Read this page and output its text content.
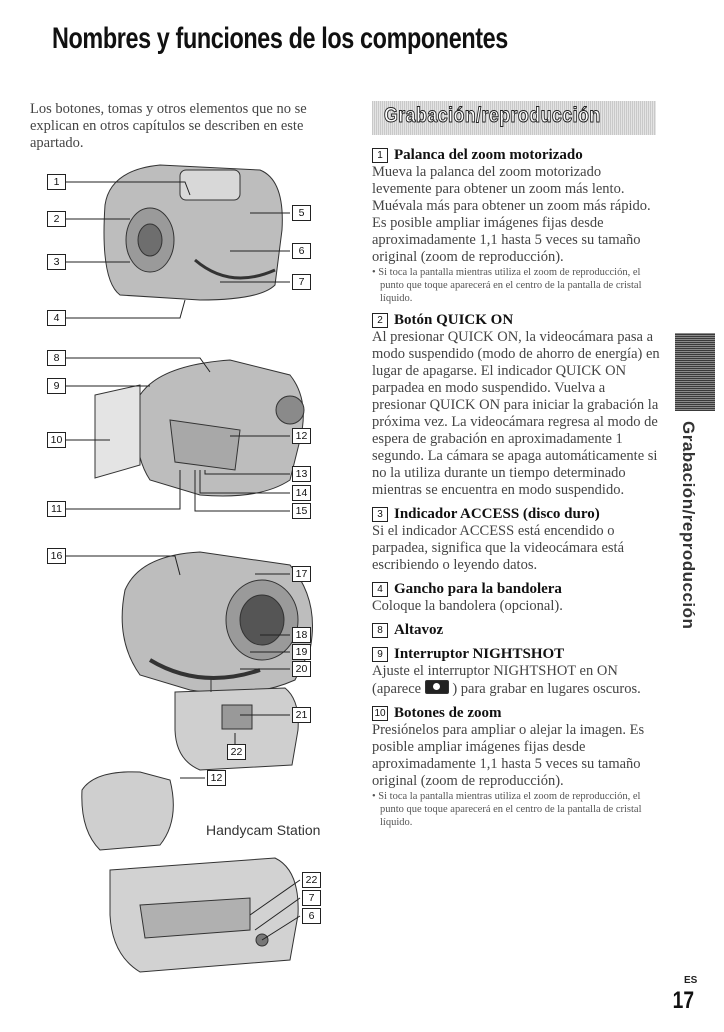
Nombres y funciones de los componentes
Los botones, tomas y otros elementos que no se explican en otros capítulos se describen en este apartado.
1
2
3
4
5
6
7
8
9
10
11
12
13
14
15
16
17
18
19
20
21
22
12
22
7
6
Handycam Station
Grabación/reproducción
1 Palanca del zoom motorizado

Mueva la palanca del zoom motorizado levemente para obtener un zoom más lento. Muévala más para obtener un zoom más rápido.

Es posible ampliar imágenes fijas desde aproximadamente 1,1 hasta 5 veces su tamaño original (zoom de reproducción).

• Si toca la pantalla mientras utiliza el zoom de reproducción, el punto que toque aparecerá en el centro de la pantalla de cristal líquido.

2 Botón QUICK ON

Al presionar QUICK ON, la videocámara pasa a modo suspendido (modo de ahorro de energía) en lugar de apagarse. El indicador QUICK ON parpadea en modo suspendido. Vuelva a presionar QUICK ON para iniciar la grabación la próxima vez. La videocámara regresa al modo de espera de grabación en aproximadamente 1 segundo. La cámara se apaga automáticamente si no la utiliza durante un tiempo determinado mientras se encuentra en modo suspendido.

3 Indicador ACCESS (disco duro)

Si el indicador ACCESS está encendido o parpadea, significa que la videocámara está escribiendo o leyendo datos.

4 Gancho para la bandolera

Coloque la bandolera (opcional).

8 Altavoz
9 Interruptor NIGHTSHOT

Ajuste el interruptor NIGHTSHOT en ON (aparece ) para grabar en lugares oscuros.

10 Botones de zoom

Presiónelos para ampliar o alejar la imagen. Es posible ampliar imágenes fijas desde aproximadamente 1,1 hasta 5 veces su tamaño original (zoom de reproducción).

• Si toca la pantalla mientras utiliza el zoom de reproducción, el punto que toque aparecerá en el centro de la pantalla de cristal líquido.

Grabación/reproducción
ES
17
